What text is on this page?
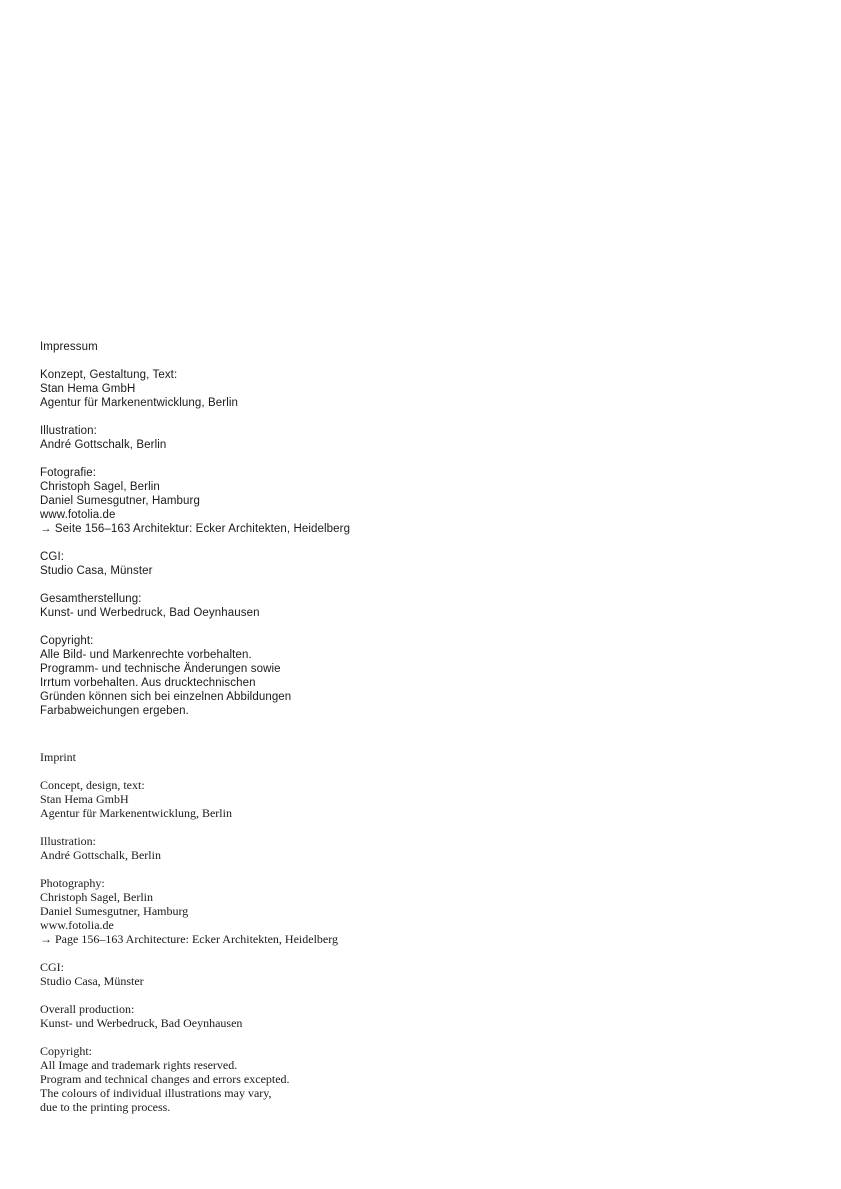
Impressum
Konzept, Gestaltung, Text:
Stan Hema GmbH
Agentur für Markenentwicklung, Berlin
Illustration:
André Gottschalk, Berlin
Fotografie:
Christoph Sagel, Berlin
Daniel Sumesgutner, Hamburg
www.fotolia.de
→ Seite 156–163 Architektur: Ecker Architekten, Heidelberg
CGI:
Studio Casa, Münster
Gesamtherstellung:
Kunst- und Werbedruck, Bad Oeynhausen
Copyright:
Alle Bild- und Markenrechte vorbehalten.
Programm- und technische Änderungen sowie
Irrtum vorbehalten. Aus drucktechnischen
Gründen können sich bei einzelnen Abbildungen
Farbabweichungen ergeben.
Imprint
Concept, design, text:
Stan Hema GmbH
Agentur für Markenentwicklung, Berlin
Illustration:
André Gottschalk, Berlin
Photography:
Christoph Sagel, Berlin
Daniel Sumesgutner, Hamburg
www.fotolia.de
→ Page 156–163 Architecture: Ecker Architekten, Heidelberg
CGI:
Studio Casa, Münster
Overall production:
Kunst- und Werbedruck, Bad Oeynhausen
Copyright:
All Image and trademark rights reserved.
Program and technical changes and errors excepted.
The colours of individual illustrations may vary,
due to the printing process.
